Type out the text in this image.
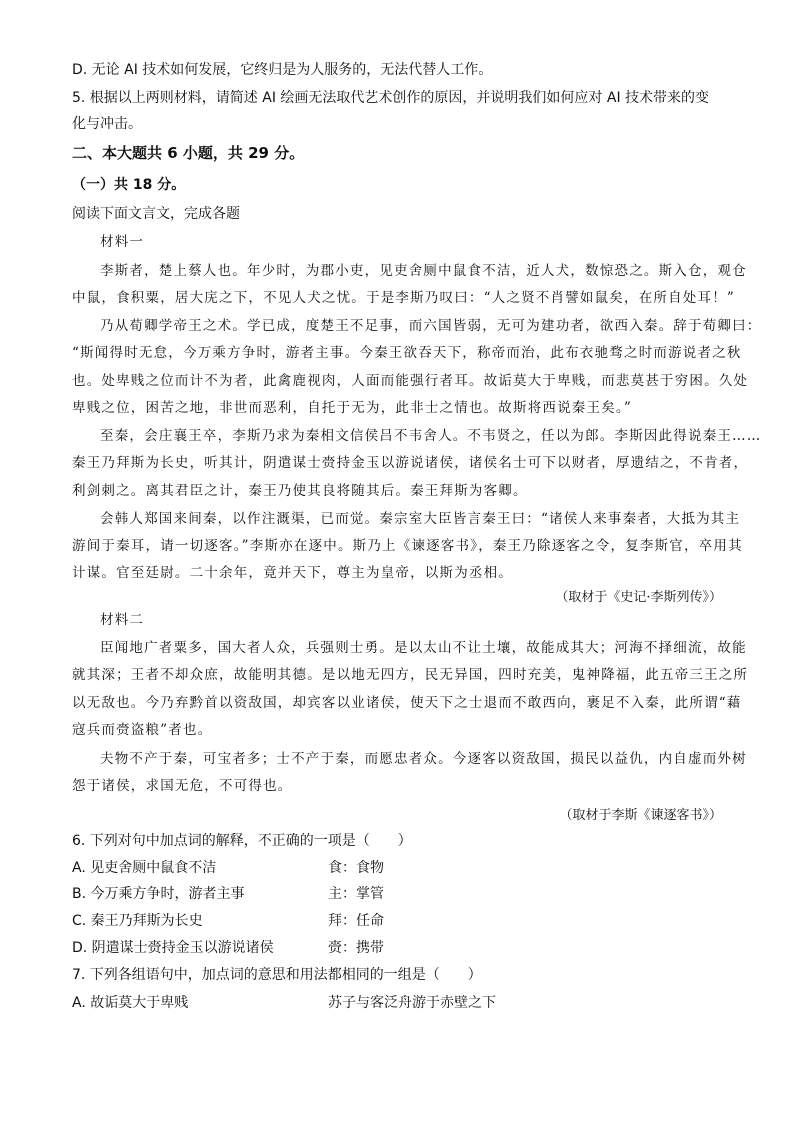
D. 无论 AI 技术如何发展，它终归是为人服务的，无法代替人工作。
5. 根据以上两则材料，请简述 AI 绘画无法取代艺术创作的原因，并说明我们如何应对 AI 技术带来的变
化与冲击。
二、本大题共 6 小题，共 29 分。
（一）共 18 分。
阅读下面文言文，完成各题
材料一
李斯者，楚上蔡人也。年少时，为郡小吏，见吏舍厕中鼠食不洁，近人犬，数惊恐之。斯入仓，观仓
中鼠，食积粟，居大庑之下，不见人犬之忧。于是李斯乃叹曰：“人之贤不肖譬如鼠矣，在所自处耳！”
乃从荀卿学帝王之术。学已成，度楚王不足事，而六国皆弱，无可为建功者，欲西入秦。辞于荀卿曰：
“斯闻得时无怠，今万乘方争时，游者主事。今秦王欲吞天下，称帝而治，此布衣驰骛之时而游说者之秋
也。处卑贱之位而计不为者，此禽鹿视肉，人面而能强行者耳。故诟莫大于卑贱，而悲莫甚于穷困。久处
卑贱之位，困苦之地，非世而恶利，自托于无为，此非士之情也。故斯将西说秦王矣。”
至秦，会庄襄王卒，李斯乃求为秦相文信侯吕不韦舍人。不韦贤之，任以为郎。李斯因此得说秦王……
秦王乃拜斯为长史，听其计，阴遣谋士赍持金玉以游说诸侯，诸侯名士可下以财者，厚遗结之，不肯者，
利剑刺之。离其君臣之计，秦王乃使其良将随其后。秦王拜斯为客卿。
会韩人郑国来间秦，以作注溉渠，已而觉。秦宗室大臣皆言秦王曰：“诸侯人来事秦者，大抵为其主
游间于秦耳，请一切逐客。”李斯亦在逐中。斯乃上《谏逐客书》，秦王乃除逐客之令，复李斯官，卒用其
计谋。官至廷尉。二十余年，竟并天下，尊主为皇帝，以斯为丞相。
（取材于《史记·李斯列传》）
材料二
臣闻地广者粟多，国大者人众，兵强则士勇。是以太山不让土壤，故能成其大；河海不择细流，故能
就其深；王者不却众庶，故能明其德。是以地无四方，民无异国，四时充美，鬼神降福，此五帝三王之所
以无敌也。今乃弃黔首以资敌国，却宾客以业诸侯，使天下之士退而不敢西向，裹足不入秦，此所谓“藉
寇兵而赍盗粮”者也。
夫物不产于秦，可宝者多；士不产于秦，而愿忠者众。今逐客以资敌国，损民以益仇，内自虚而外树
怨于诸侯，求国无危，不可得也。
（取材于李斯《谏逐客书》）
6. 下列对句中加点词的解释，不正确的一项是（　　）
A. 见吏舍厕中鼠食不洁	食：食物
B. 今万乘方争时，游者主事	主：掌管
C. 秦王乃拜斯为长史	拜：任命
D. 阴遣谋士赍持金玉以游说诸侯	赍：携带
7. 下列各组语句中，加点词的意思和用法都相同的一组是（　　）
A. 故诟莫大于卑贱	苏子与客泛舟游于赤壁之下
